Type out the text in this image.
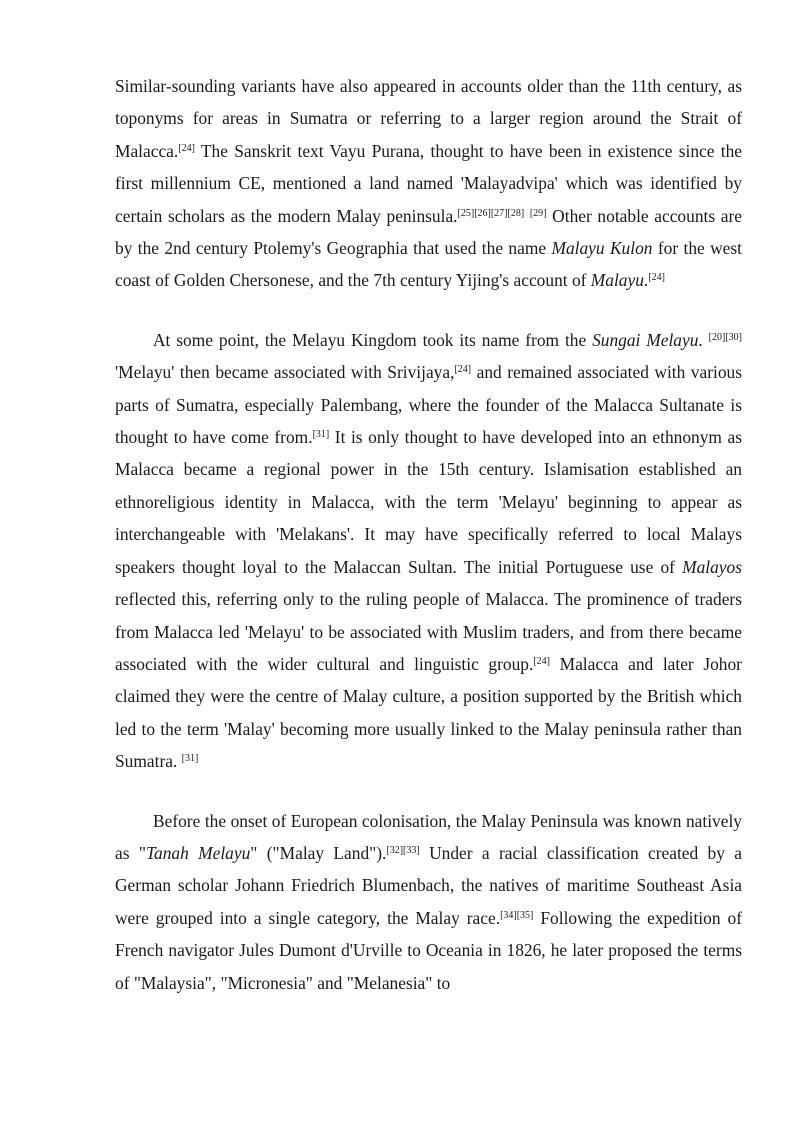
Similar-sounding variants have also appeared in accounts older than the 11th century, as toponyms for areas in Sumatra or referring to a larger region around the Strait of Malacca.[24] The Sanskrit text Vayu Purana, thought to have been in existence since the first millennium CE, mentioned a land named 'Malayadvipa' which was identified by certain scholars as the modern Malay peninsula.[25][26][27][28] [29] Other notable accounts are by the 2nd century Ptolemy's Geographia that used the name Malayu Kulon for the west coast of Golden Chersonese, and the 7th century Yijing's account of Malayu.[24]

At some point, the Melayu Kingdom took its name from the Sungai Melayu. [20][30] 'Melayu' then became associated with Srivijaya,[24] and remained associated with various parts of Sumatra, especially Palembang, where the founder of the Malacca Sultanate is thought to have come from.[31] It is only thought to have developed into an ethnonym as Malacca became a regional power in the 15th century. Islamisation established an ethnoreligious identity in Malacca, with the term 'Melayu' beginning to appear as interchangeable with 'Melakans'. It may have specifically referred to local Malays speakers thought loyal to the Malaccan Sultan. The initial Portuguese use of Malayos reflected this, referring only to the ruling people of Malacca. The prominence of traders from Malacca led 'Melayu' to be associated with Muslim traders, and from there became associated with the wider cultural and linguistic group.[24] Malacca and later Johor claimed they were the centre of Malay culture, a position supported by the British which led to the term 'Malay' becoming more usually linked to the Malay peninsula rather than Sumatra. [31]

Before the onset of European colonisation, the Malay Peninsula was known natively as "Tanah Melayu" ("Malay Land").[32][33] Under a racial classification created by a German scholar Johann Friedrich Blumenbach, the natives of maritime Southeast Asia were grouped into a single category, the Malay race.[34][35] Following the expedition of French navigator Jules Dumont d'Urville to Oceania in 1826, he later proposed the terms of "Malaysia", "Micronesia" and "Melanesia" to
